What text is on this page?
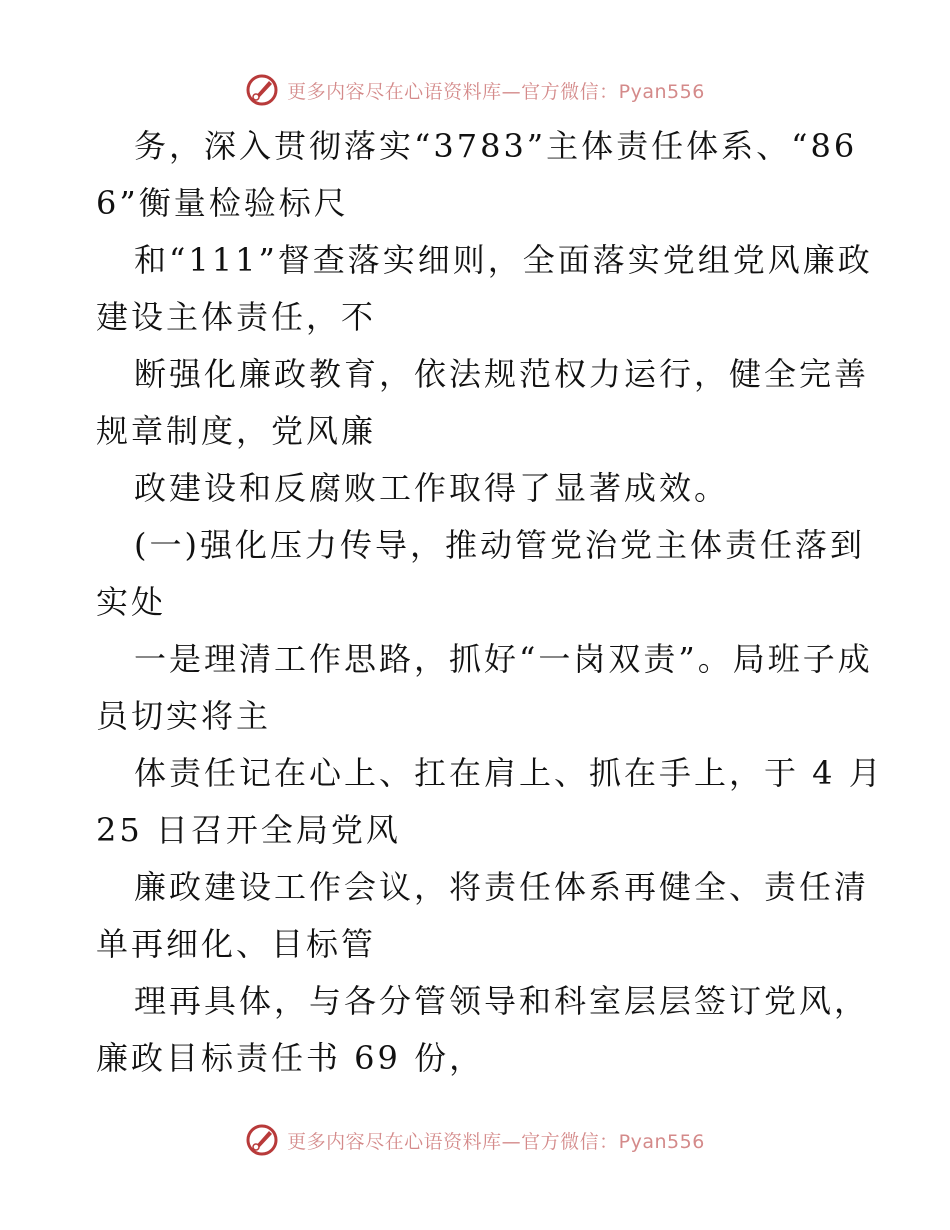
更多内容尽在心语资料库—官方微信：Pyan556

务，深入贯彻落实“3783”主体责任体系、“866”衡量检验标尺

和“111”督查落实细则，全面落实党组党风廉政建设主体责任，不

断强化廉政教育，依法规范权力运行，健全完善规章制度，党风廉

政建设和反腐败工作取得了显著成效。

(一)强化压力传导，推动管党治党主体责任落到实处

一是理清工作思路，抓好“一岗双责”。局班子成员切实将主

体责任记在心上、扛在肩上、抓在手上，于 4 月 25 日召开全局党风

廉政建设工作会议，将责任体系再健全、责任清单再细化、目标管

理再具体，与各分管领导和科室层层签订党风，廉政目标责任书 69 份，

更多内容尽在心语资料库—官方微信：Pyan556
